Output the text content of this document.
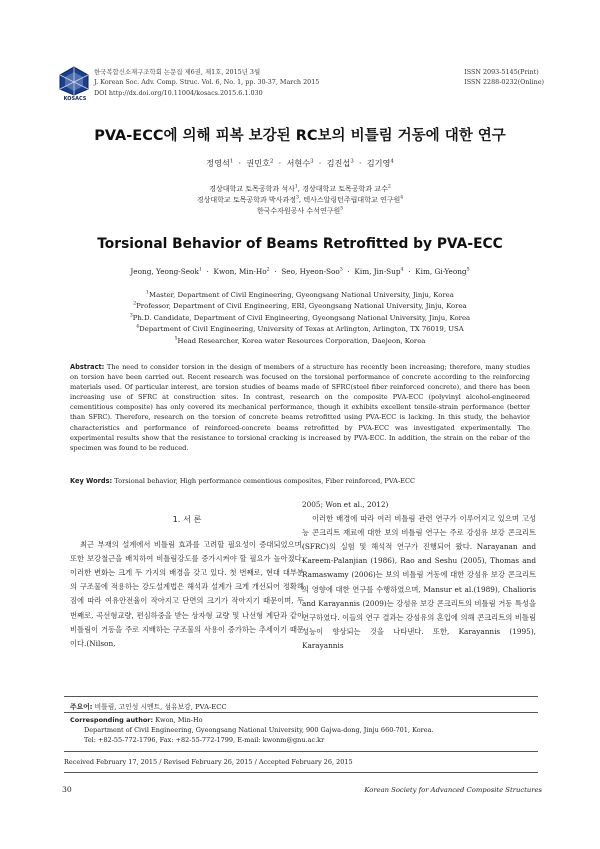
KOSACS
한국복합신소재구조학회 논문집 제6권, 제1호, 2015년 3월
J. Korean Soc. Adv. Comp. Struc. Vol. 6, No. 1, pp. 30-37, March 2015
DOI http://dx.doi.org/10.11004/kosacs.2015.6.1.030
ISSN 2093-5145(Print)
ISSN 2288-0232(Online)
PVA-ECC에 의해 피복 보강된 RC보의 비틀림 거동에 대한 연구
정영석$^1$  ·  권민호$^2$  ·  서현수$^3$  ·  김진섭$^3$  ·  김기영$^4$
경상대학교 토목공학과 석사$^1$, 경상대학교 토목공학과 교수$^2$
경상대학교 토목공학과 박사과정$^3$, 텍사스알링턴주립대학교 연구원$^4$
한국수자원공사 수석연구원$^5$
Torsional Behavior of Beams Retrofitted by PVA-ECC
Jeong, Yeong-Seok$^1$  ·  Kwon, Min-Ho$^2$  ·  Seo, Hyeon-Soo$^3$  ·  Kim, Jin-Sup$^4$  ·  Kim, Gi-Yeong$^5$
$^1$Master, Department of Civil Engineering, Gyeongsang National University, Jinju, Korea
$^2$Professor, Department of Civil Engineering, ERI, Gyeongsang National University, Jinju, Korea
$^3$Ph.D. Candidate, Department of Civil Engineering, Gyeongsang National University, Jinju, Korea
$^4$Department of Civil Engineering, University of Texas at Arlington, Arlington, TX 76019, USA
$^5$Head Researcher, Korea water Resources Corporation, Daejeon, Korea
Abstract: The need to consider torsion in the design of members of a structure has recently been increasing; therefore, many studies on torsion have been carried out. Recent research was focused on the torsional performance of concrete according to the reinforcing materials used. Of particular interest, are torsion studies of beams made of SFRC(steel fiber reinforced concrete), and there has been increasing use of SFRC at construction sites. In contrast, research on the composite PVA-ECC (polyvinyl alcohol-engineered cementitious composite) has only covered its mechanical performance, though it exhibits excellent tensile-strain performance (better than SFRC). Therefore, research on the torsion of concrete beams retrofitted using PVA-ECC is lacking. In this study, the behavior characteristics and performance of reinforced-concrete beams retrofitted by PVA-ECC was investigated experimentally. The experimental results show that the resistance to torsional cracking is increased by PVA-ECC. In addition, the strain on the rebar of the specimen was found to be reduced.
Key Words: Torsional behavior, High performance cementious composites, Fiber reinforced, PVA-ECC
1. 서 론

최근 부재의 설계에서 비틀림 효과를 고려할 필요성이 증대되었으며, 또한 보강철근을 배치하여 비틀림강도를 증가시켜야 할 필요가 높아졌다. 이러한 변화는 크게 두 가지의 배경을 갖고 있다. 첫 번째로, 현대 대부분의 구조물에 적용하는 강도설계법은 해석과 설계가 크게 개선되어 정확해짐에 따라 여유안전율이 작아지고 단면의 크기가 작아지기 때문이며, 두 번째로, 곡선형교량, 편심하중을 받는 상자형 교량 및 나선형 계단과 같이 비틀림이 거동을 주로 지배하는 구조물의 사용이 증가하는 추세이기 때문이다.(Nilson,

2005; Won et al., 2012)

이러한 배경에 따라 여러 비틀림 관련 연구가 이루어지고 있으며 고성능 콘크리트 재료에 대한 보의 비틀림 연구는 주로 강섬유 보강 콘크리트(SFRC)의 실험 및 해석적 연구가 진행되어 왔다. Narayanan and Kareem-Palanjian (1986), Rao and Seshu (2005), Thomas and Ramaswamy (2006)는 보의 비틀림 거동에 대한 강섬유 보강 콘크리트의 영향에 대한 연구를 수행하였으며, Mansur et al.(1989), Chalioris and Karayannis (2009)는 강섬유 보강 콘크리트의 비틀림 거동 특성을 연구하였다. 이들의 연구 결과는 강섬유의 혼입에 의해 콘크리트의 비틀림 성능이 향상되는 것을 나타낸다. 또한, Karayannis (1995), Karayannis

주요어: 비틀림, 고인성 시멘트, 섬유보강, PVA-ECC
Corresponding author: Kwon, Min-Ho
Department of Civil Engineering, Gyeongsang National University, 900 Gajwa-dong, Jinju 660-701, Korea.
Tel: +82-55-772-1796, Fax: +82-55-772-1799, E-mail: kwonm@gnu.ac.kr
Received February 17, 2015 / Revised February 26, 2015 / Accepted February 26, 2015
30	Korean Society for Advanced Composite Structures
